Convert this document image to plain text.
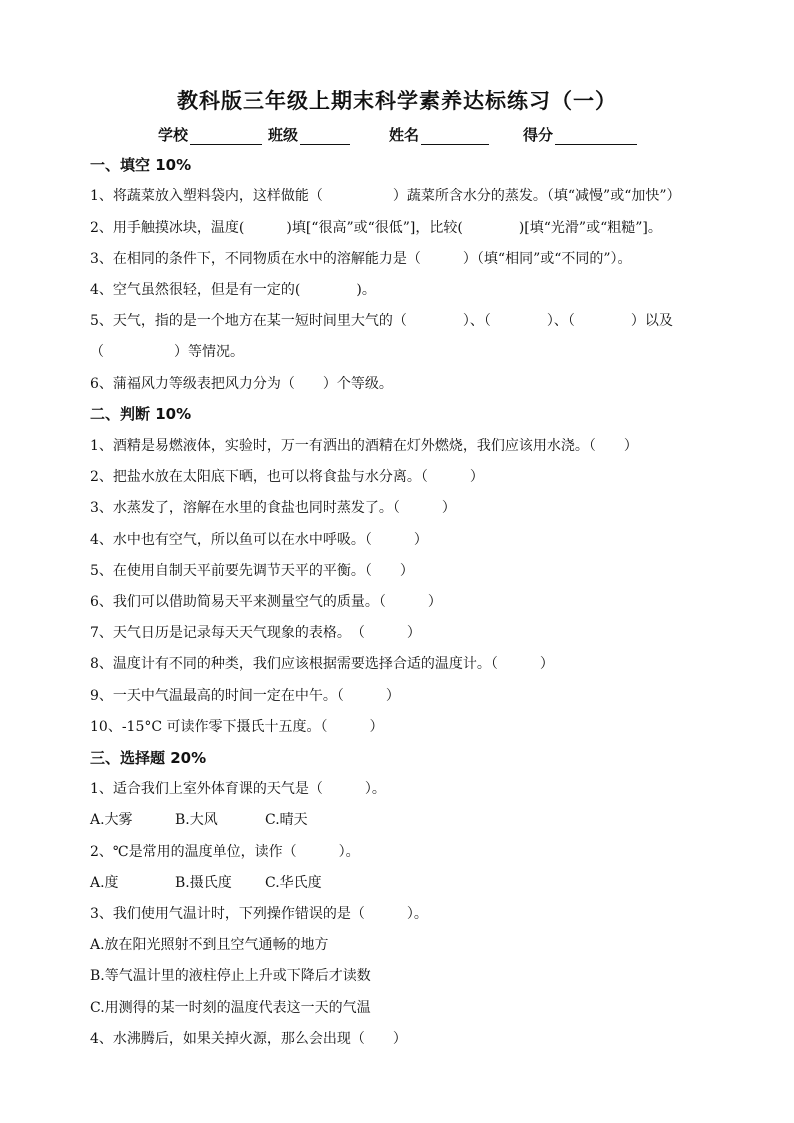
教科版三年级上期末科学素养达标练习（一）
学校	班级	姓名	得分
一、填空 10%
1、将蔬菜放入塑料袋内，这样做能（　　　　　）蔬菜所含水分的蒸发。（填“减慢”或“加快”）
2、用手触摸冰块，温度(　　　)填[“很高”或“很低”]，比较(　　　　)[填“光滑”或“粗糙”]。
3、在相同的条件下，不同物质在水中的溶解能力是（　　　）（填“相同”或“不同的”）。
4、空气虽然很轻，但是有一定的(　　　　)。
5、天气，指的是一个地方在某一短时间里大气的（　　　　）、（　　　　）、（　　　　）以及
（　　　　　）等情况。
6、蒲福风力等级表把风力分为（　　）个等级。
二、判断 10%
1、酒精是易燃液体，实验时，万一有洒出的酒精在灯外燃烧，我们应该用水浇。（　　）
2、把盐水放在太阳底下晒，也可以将食盐与水分离。（　　　）
3、水蒸发了，溶解在水里的食盐也同时蒸发了。（　　　）
4、水中也有空气，所以鱼可以在水中呼吸。（　　　）
5、在使用自制天平前要先调节天平的平衡。（　　）
6、我们可以借助简易天平来测量空气的质量。（　　　）
7、天气日历是记录每天天气现象的表格。　（　　　）
8、温度计有不同的种类，我们应该根据需要选择合适的温度计。（　　　）
9、一天中气温最高的时间一定在中午。（　　　）
10、-15°C 可读作零下摄氏十五度。（　　　）
三、选择题 20%
1、适合我们上室外体育课的天气是（　　　）。
A.大雾	B.大风	C.晴天
2、℃是常用的温度单位，读作（　　　）。
A.度	B.摄氏度 C.华氏度
3、我们使用气温计时，下列操作错误的是（　　　）。
A.放在阳光照射不到且空气通畅的地方
B.等气温计里的液柱停止上升或下降后才读数
C.用测得的某一时刻的温度代表这一天的气温
4、水沸腾后，如果关掉火源，那么会出现（　　）
